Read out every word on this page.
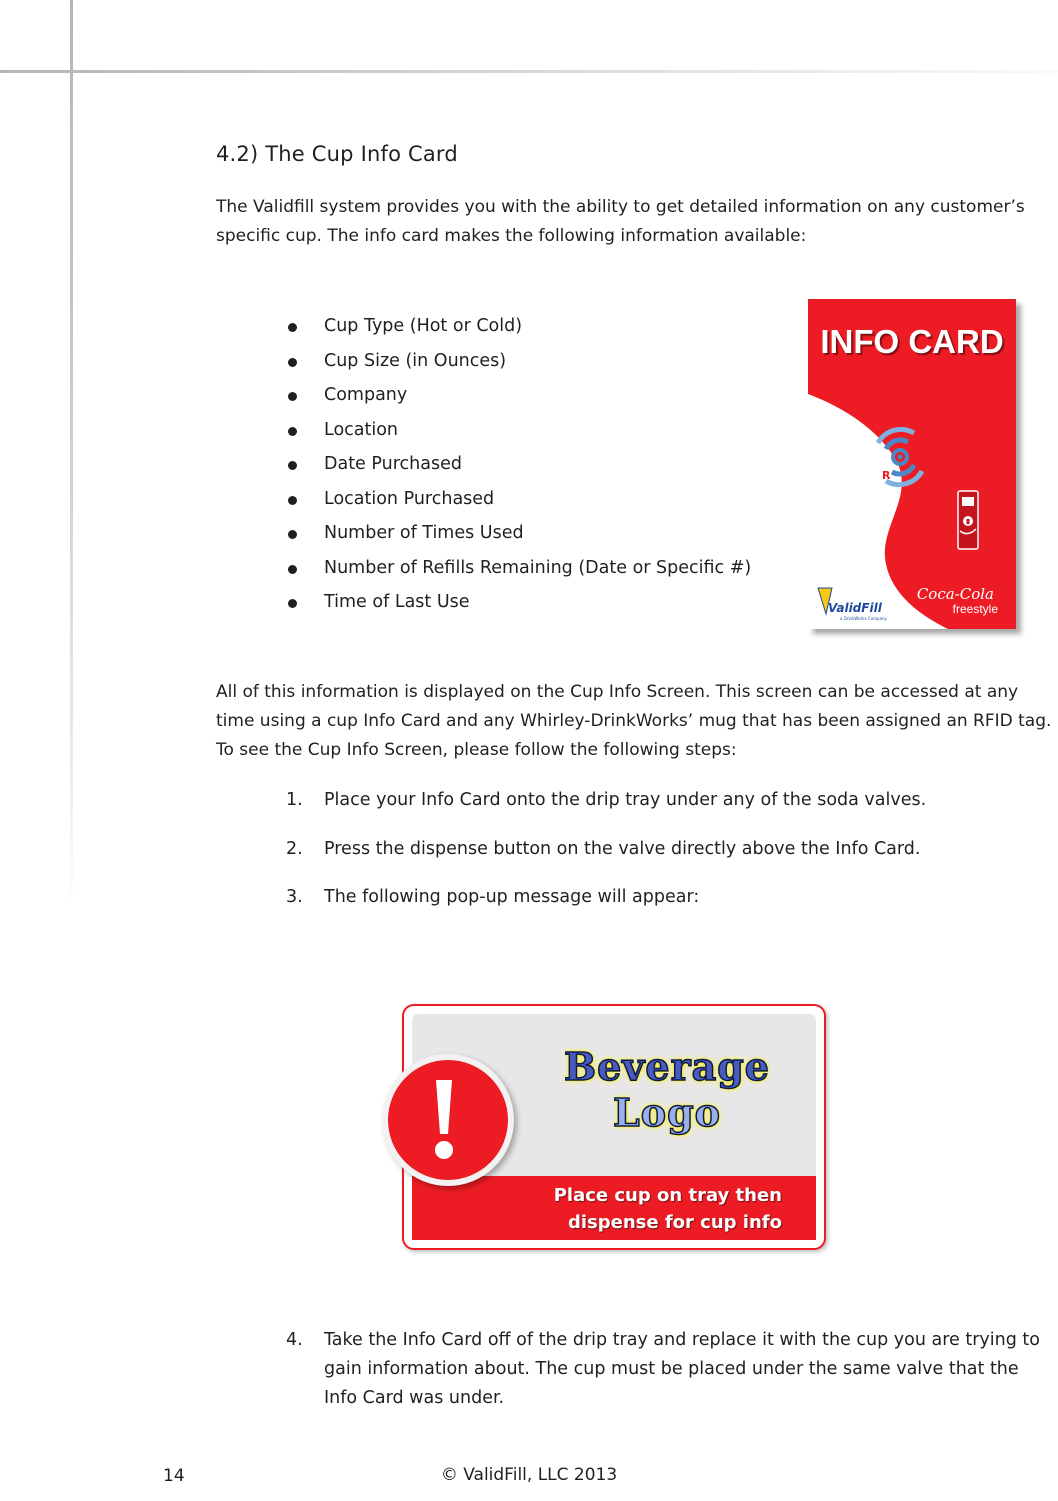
4.2) The Cup Info Card
The Validfill system provides you with the ability to get detailed information on any customer’s specific cup. The info card makes the following information available:
Cup Type (Hot or Cold)
Cup Size (in Ounces)
Company
Location
Date Purchased
Location Purchased
Number of Times Used
Number of Refills Remaining (Date or Specific #)
Time of Last Use
R
F
ValidFill
a DrinkWorks Company
Coca-Cola
freestyle
INFO CARD
All of this information is displayed on the Cup Info Screen. This screen can be accessed at any time using a cup Info Card and any Whirley-DrinkWorks’ mug that has been assigned an RFID tag. To see the Cup Info Screen, please follow the following steps:
1. Place your Info Card onto the drip tray under any of the soda valves.
2. Press the dispense button on the valve directly above the Info Card.
3. The following pop-up message will appear:
!	Beverage
Logo
Place cup on tray then
dispense for cup info
4. Take the Info Card off of the drip tray and replace it with the cup you are trying to gain information about. The cup must be placed under the same valve that the Info Card was under.
14	© ValidFill, LLC 2013
